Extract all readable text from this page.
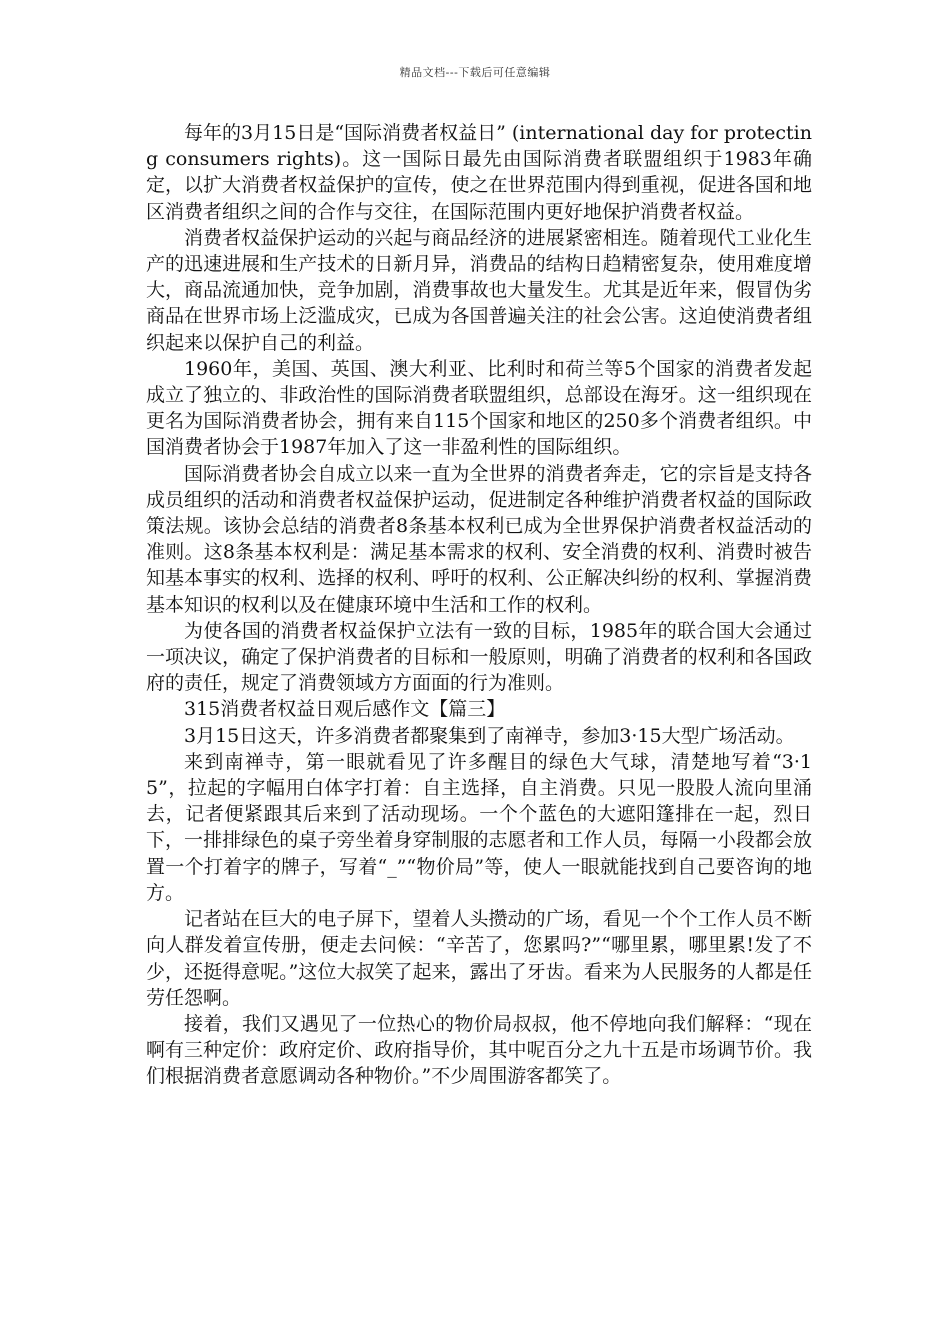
精品文档---下载后可任意编辑

每年的3月15日是“国际消费者权益日” (international day for protecting consumers rights)。这一国际日最先由国际消费者联盟组织于1983年确定，以扩大消费者权益保护的宣传，使之在世界范围内得到重视，促进各国和地区消费者组织之间的合作与交往，在国际范围内更好地保护消费者权益。

消费者权益保护运动的兴起与商品经济的进展紧密相连。随着现代工业化生产的迅速进展和生产技术的日新月异，消费品的结构日趋精密复杂，使用难度增大，商品流通加快，竞争加剧，消费事故也大量发生。尤其是近年来，假冒伪劣商品在世界市场上泛滥成灾，已成为各国普遍关注的社会公害。这迫使消费者组织起来以保护自己的利益。

1960年，美国、英国、澳大利亚、比利时和荷兰等5个国家的消费者发起成立了独立的、非政治性的国际消费者联盟组织，总部设在海牙。这一组织现在更名为国际消费者协会，拥有来自115个国家和地区的250多个消费者组织。中国消费者协会于1987年加入了这一非盈利性的国际组织。

国际消费者协会自成立以来一直为全世界的消费者奔走，它的宗旨是支持各成员组织的活动和消费者权益保护运动，促进制定各种维护消费者权益的国际政策法规。该协会总结的消费者8条基本权利已成为全世界保护消费者权益活动的准则。这8条基本权利是：满足基本需求的权利、安全消费的权利、消费时被告知基本事实的权利、选择的权利、呼吁的权利、公正解决纠纷的权利、掌握消费基本知识的权利以及在健康环境中生活和工作的权利。

为使各国的消费者权益保护立法有一致的目标，1985年的联合国大会通过一项决议，确定了保护消费者的目标和一般原则，明确了消费者的权利和各国政府的责任，规定了消费领域方方面面的行为准则。

315消费者权益日观后感作文【篇三】

3月15日这天，许多消费者都聚集到了南禅寺，参加3·15大型广场活动。

来到南禅寺，第一眼就看见了许多醒目的绿色大气球，清楚地写着“3·15”，拉起的字幅用白体字打着：自主选择，自主消费。只见一股股人流向里涌去，记者便紧跟其后来到了活动现场。一个个蓝色的大遮阳篷排在一起，烈日下，一排排绿色的桌子旁坐着身穿制服的志愿者和工作人员，每隔一小段都会放置一个打着字的牌子，写着“_”“物价局”等，使人一眼就能找到自己要咨询的地方。

记者站在巨大的电子屏下，望着人头攒动的广场，看见一个个工作人员不断向人群发着宣传册，便走去问候：“辛苦了，您累吗?”“哪里累，哪里累!发了不少，还挺得意呢。”这位大叔笑了起来，露出了牙齿。看来为人民服务的人都是任劳任怨啊。

接着，我们又遇见了一位热心的物价局叔叔，他不停地向我们解释：“现在啊有三种定价：政府定价、政府指导价，其中呢百分之九十五是市场调节价。我们根据消费者意愿调动各种物价。”不少周围游客都笑了。
